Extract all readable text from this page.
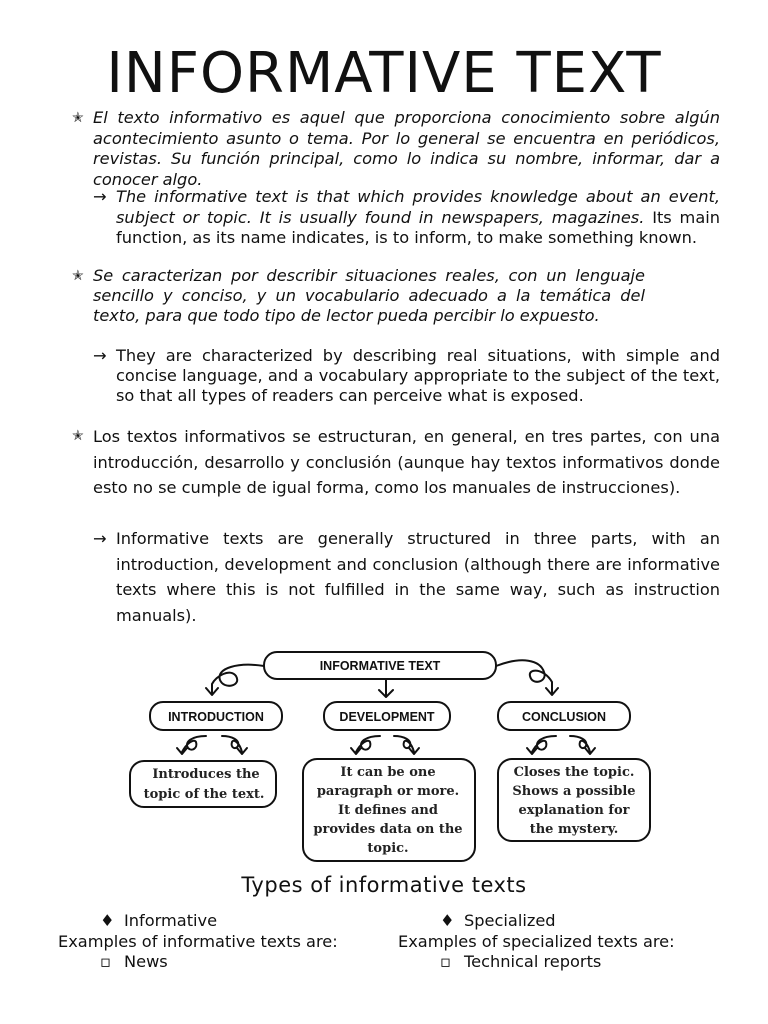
INFORMATIVE TEXT
✭ El texto informativo es aquel que proporciona conocimiento sobre algún acontecimiento asunto o tema. Por lo general se encuentra en periódicos, revistas. Su función principal, como lo indica su nombre, informar, dar a conocer algo.
→ The informative text is that which provides knowledge about an event, subject or topic. It is usually found in newspapers, magazines. Its main function, as its name indicates, is to inform, to make something known.
✭ Se caracterizan por describir situaciones reales, con un lenguaje sencillo y conciso, y un vocabulario adecuado a la temática del texto, para que todo tipo de lector pueda percibir lo expuesto.
→ They are characterized by describing real situations, with simple and concise language, and a vocabulary appropriate to the subject of the text, so that all types of readers can perceive what is exposed.
✭ Los textos informativos se estructuran, en general, en tres partes, con una introducción, desarrollo y conclusión (aunque hay textos informativos donde esto no se cumple de igual forma, como los manuales de instrucciones).
→ Informative texts are generally structured in three parts, with an introduction, development and conclusion (although there are informative texts where this is not fulfilled in the same way, such as instruction manuals).
INFORMATIVE TEXT
INTRODUCTION	DEVELOPMENT	CONCLUSION
Introduces the
topic of the text.
It can be one
paragraph or more.
It defines and
provides data on the
topic.
Closes the topic.
Shows a possible
explanation for
the mystery.
Types of informative texts
♦ Informative
Examples of informative texts are:
▫ News
♦ Specialized
Examples of specialized texts are:
▫ Technical reports
